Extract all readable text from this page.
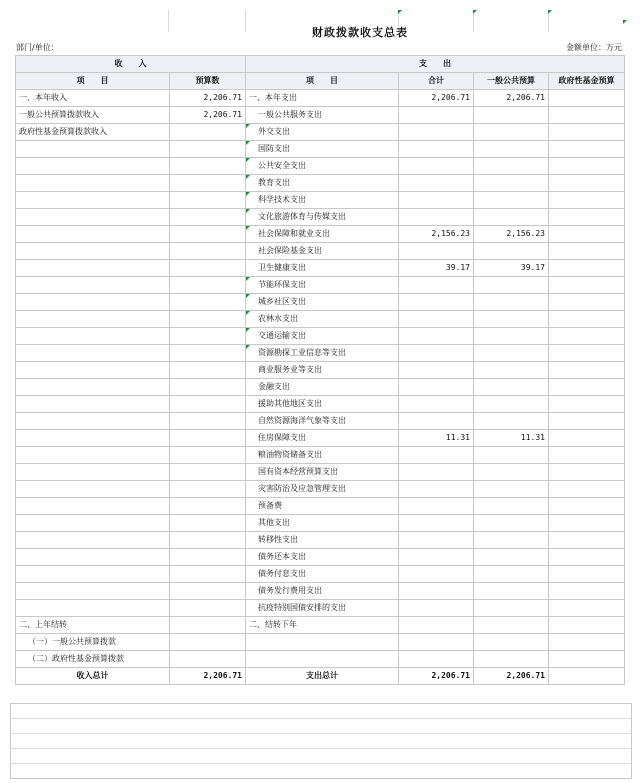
财政拨款收支总表
部门/单位：	金额单位：万元
收　　入		支　　出			
项　　目	预算数	项　　目	合计	一般公共预算	政府性基金预算
一、本年收入	2,206.71	一、本年支出	2,206.71	2,206.71	
一般公共预算拨款收入	2,206.71	一般公共服务支出			
政府性基金预算拨款收入		外交支出			
		国防支出			
		公共安全支出			
		教育支出			
		科学技术支出			
		文化旅游体育与传媒支出			
		社会保障和就业支出	2,156.23	2,156.23	
		社会保险基金支出			
		卫生健康支出	39.17	39.17	
		节能环保支出			
		城乡社区支出			
		农林水支出			
		交通运输支出			
		资源勘探工业信息等支出			
		商业服务业等支出			
		金融支出			
		援助其他地区支出			
		自然资源海洋气象等支出			
		住房保障支出	11.31	11.31	
		粮油物资储备支出			
		国有资本经营预算支出			
		灾害防治及应急管理支出			
		预备费			
		其他支出			
		转移性支出			
		债务还本支出			
		债务付息支出			
		债务发行费用支出			
		抗疫特别国债安排的支出			
二、上年结转		二、结转下年			
（一）一般公共预算拨款					
（二）政府性基金预算拨款					
收入总计	2,206.71	支出总计	2,206.71	2,206.71	
